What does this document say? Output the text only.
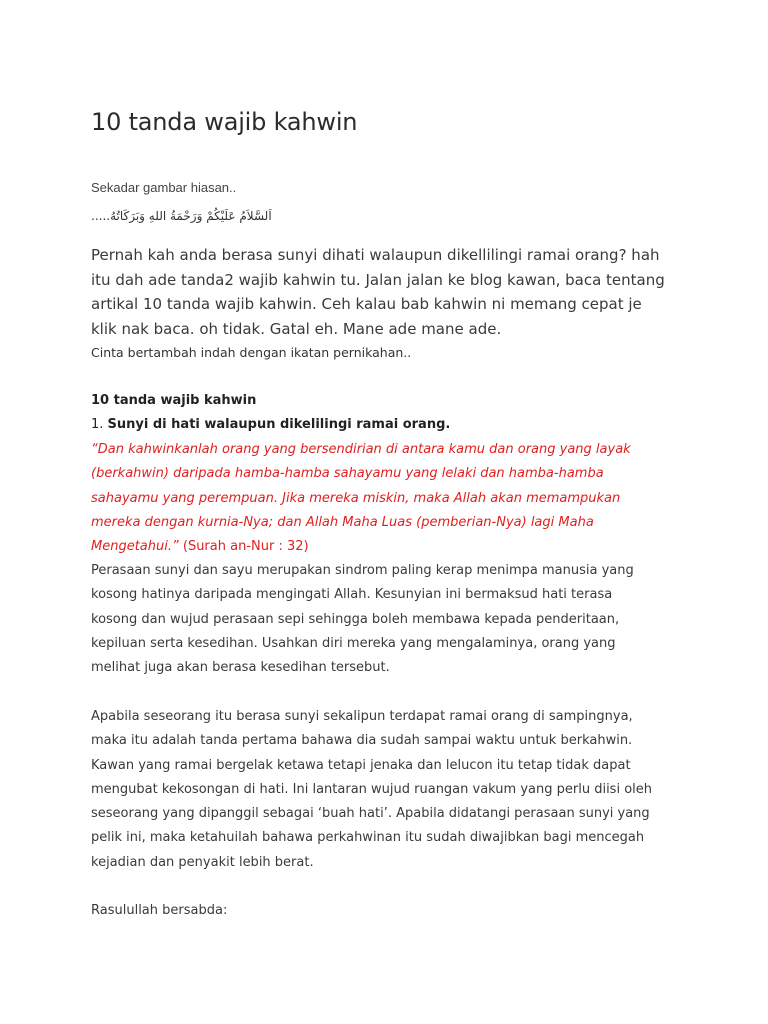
10 tanda wajib kahwin
Sekadar gambar hiasan..
.....اَلسَّلاَمُ عَلَيْكُمْ وَرَحْمَةُ اللهِ وَبَرَكَاتُهُ

Pernah kah anda berasa sunyi dihati walaupun dikellilingi ramai orang? hah itu dah ade tanda2 wajib kahwin tu. Jalan jalan ke blog kawan, baca tentang artikal 10 tanda wajib kahwin. Ceh kalau bab kahwin ni memang cepat je klik nak baca. oh tidak. Gatal eh. Mane ade mane ade.

Cinta bertambah indah dengan ikatan pernikahan..
10 tanda wajib kahwin
1. Sunyi di hati walaupun dikelilingi ramai orang.

“Dan kahwinkanlah orang yang bersendirian di antara kamu dan orang yang layak (berkahwin) daripada hamba-hamba sahayamu yang lelaki dan hamba-hamba sahayamu yang perempuan. Jika mereka miskin, maka Allah akan memampukan mereka dengan kurnia-Nya; dan Allah Maha Luas (pemberian-Nya) lagi Maha Mengetahui.” (Surah an-Nur : 32)

Perasaan sunyi dan sayu merupakan sindrom paling kerap menimpa manusia yang kosong hatinya daripada mengingati Allah. Kesunyian ini bermaksud hati terasa kosong dan wujud perasaan sepi sehingga boleh membawa kepada penderitaan, kepiluan serta kesedihan. Usahkan diri mereka yang mengalaminya, orang yang melihat juga akan berasa kesedihan tersebut.

Apabila seseorang itu berasa sunyi sekalipun terdapat ramai orang di sampingnya, maka itu adalah tanda pertama bahawa dia sudah sampai waktu untuk berkahwin. Kawan yang ramai bergelak ketawa tetapi jenaka dan lelucon itu tetap tidak dapat mengubat kekosongan di hati. Ini lantaran wujud ruangan vakum yang perlu diisi oleh seseorang yang dipanggil sebagai ‘buah hati’. Apabila didatangi perasaan sunyi yang pelik ini, maka ketahuilah bahawa perkahwinan itu sudah diwajibkan bagi mencegah kejadian dan penyakit lebih berat.

Rasulullah bersabda:
